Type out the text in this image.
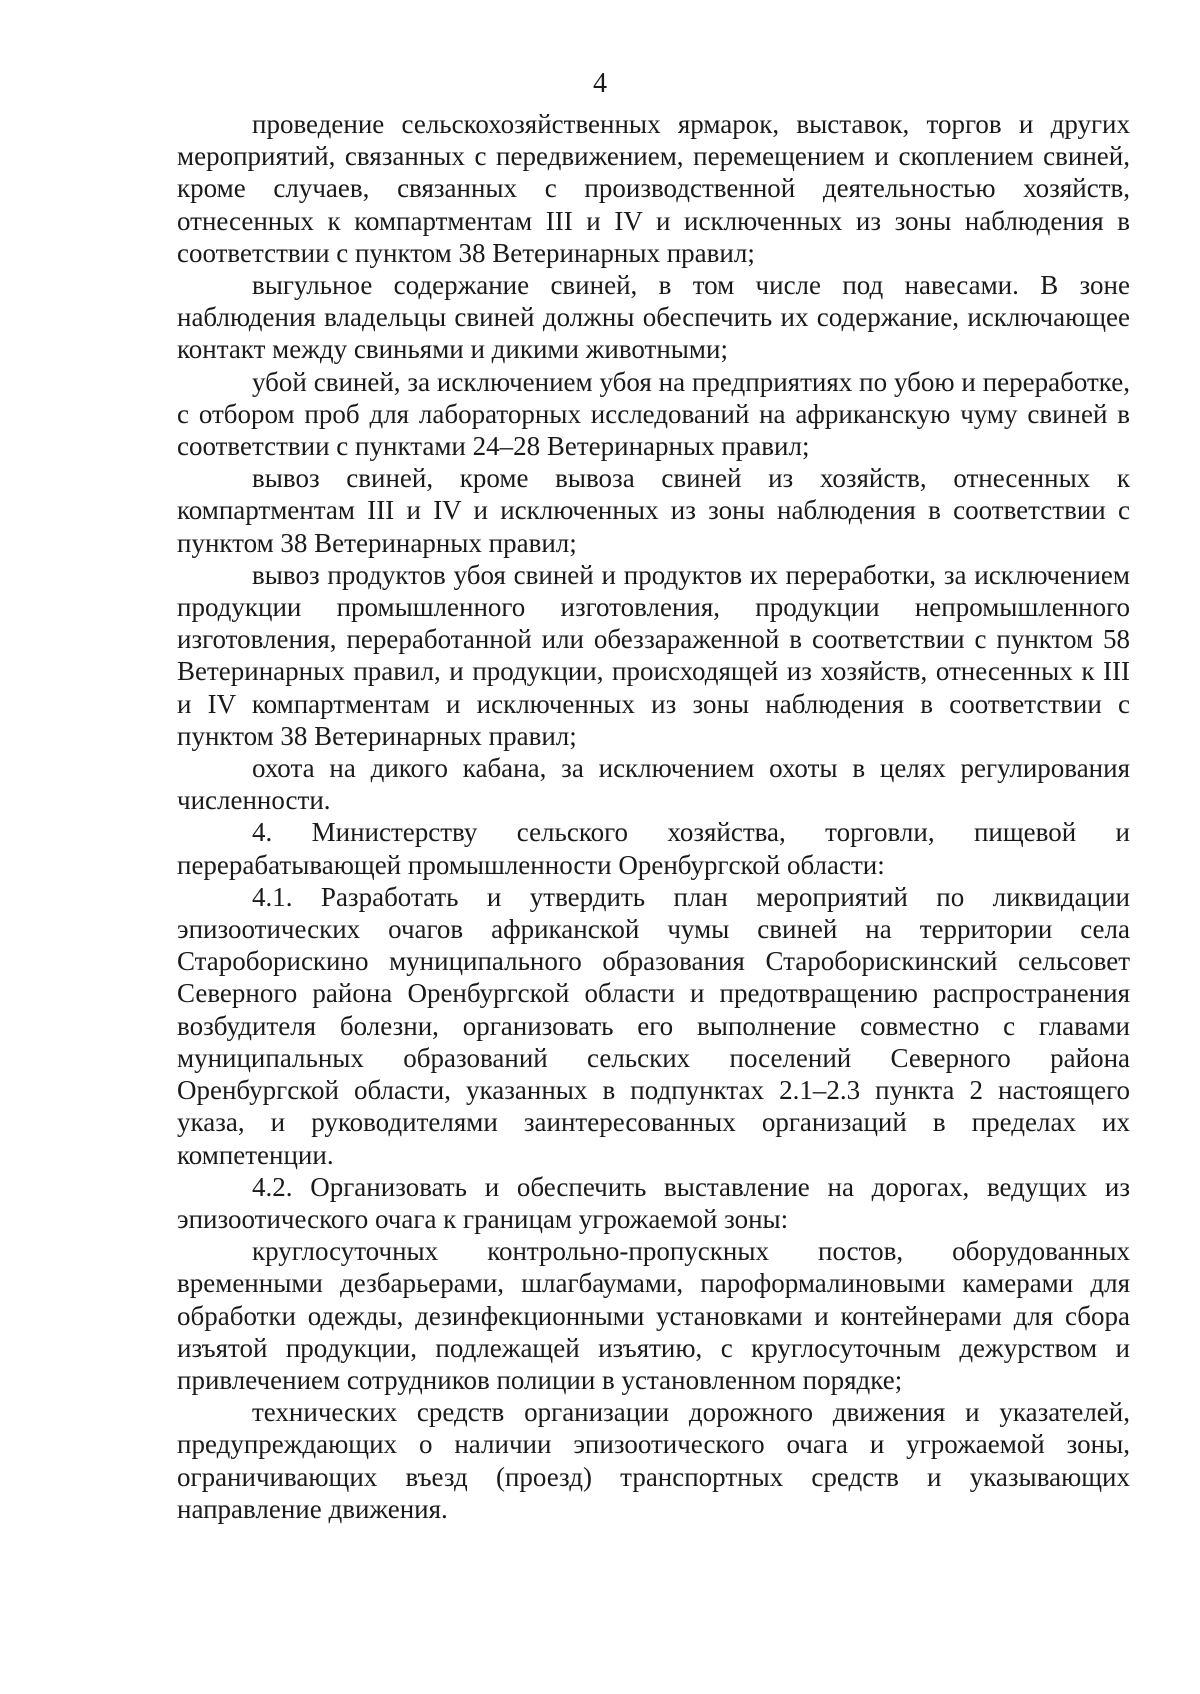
4

проведение сельскохозяйственных ярмарок, выставок, торгов и других мероприятий, связанных с передвижением, перемещением и скоплением свиней, кроме случаев, связанных с производственной деятельностью хозяйств, отнесенных к компартментам III и IV и исключенных из зоны наблюдения в соответствии с пунктом 38 Ветеринарных правил;

выгульное содержание свиней, в том числе под навесами. В зоне наблюдения владельцы свиней должны обеспечить их содержание, исключающее контакт между свиньями и дикими животными;

убой свиней, за исключением убоя на предприятиях по убою и переработке, с отбором проб для лабораторных исследований на африканскую чуму свиней в соответствии с пунктами 24–28 Ветеринарных правил;

вывоз свиней, кроме вывоза свиней из хозяйств, отнесенных к компартментам III и IV и исключенных из зоны наблюдения в соответствии с пунктом 38 Ветеринарных правил;

вывоз продуктов убоя свиней и продуктов их переработки, за исключением продукции промышленного изготовления, продукции непромышленного изготовления, переработанной или обеззараженной в соответствии с пунктом 58 Ветеринарных правил, и продукции, происходящей из хозяйств, отнесенных к III и IV компартментам и исключенных из зоны наблюдения в соответствии с пунктом 38 Ветеринарных правил;

охота на дикого кабана, за исключением охоты в целях регулирования численности.

4. Министерству сельского хозяйства, торговли, пищевой и перерабатывающей промышленности Оренбургской области:

4.1. Разработать и утвердить план мероприятий по ликвидации эпизоотических очагов африканской чумы свиней на территории села Староборискино муниципального образования Староборискинский сельсовет Северного района Оренбургской области и предотвращению распространения возбудителя болезни, организовать его выполнение совместно с главами муниципальных образований сельских поселений Северного района Оренбургской области, указанных в подпунктах 2.1–2.3 пункта 2 настоящего указа, и руководителями заинтересованных организаций в пределах их компетенции.

4.2. Организовать и обеспечить выставление на дорогах, ведущих из эпизоотического очага к границам угрожаемой зоны:

круглосуточных контрольно-пропускных постов, оборудованных временными дезбарьерами, шлагбаумами, пароформалиновыми камерами для обработки одежды, дезинфекционными установками и контейнерами для сбора изъятой продукции, подлежащей изъятию, с круглосуточным дежурством и привлечением сотрудников полиции в установленном порядке;

технических средств организации дорожного движения и указателей, предупреждающих о наличии эпизоотического очага и угрожаемой зоны, ограничивающих въезд (проезд) транспортных средств и указывающих направление движения.
